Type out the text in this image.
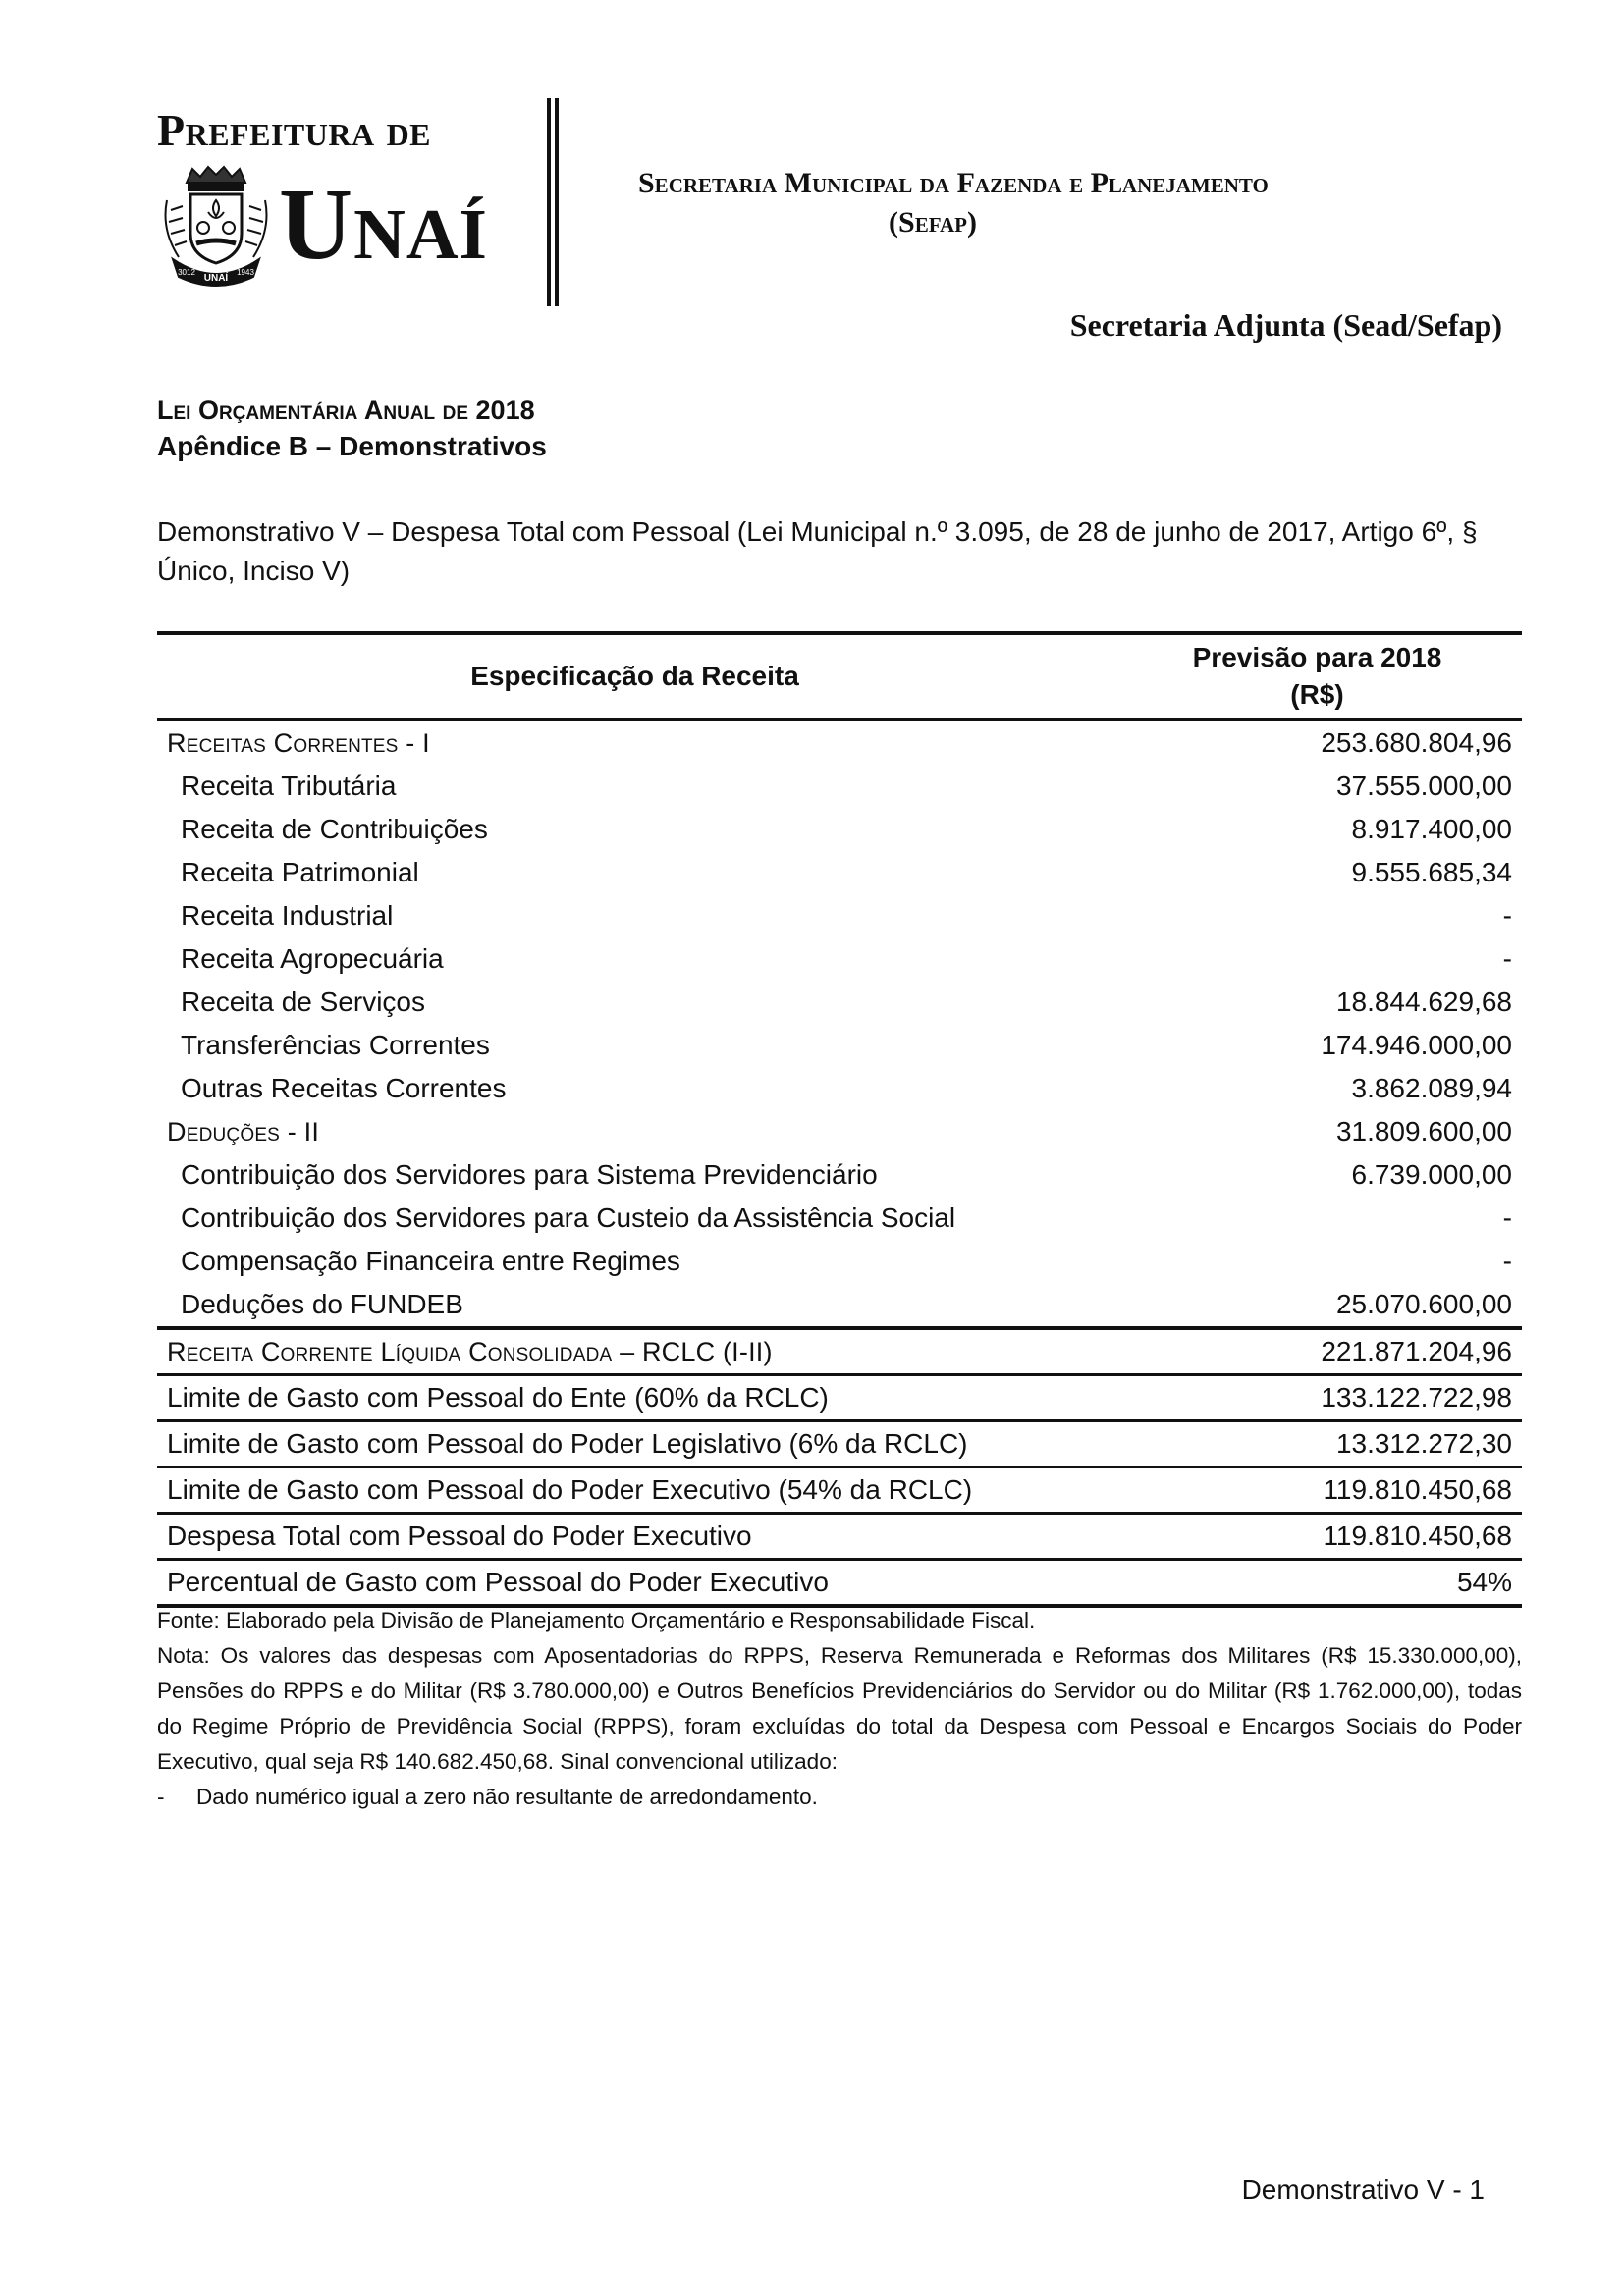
Prefeitura de
UNAÍ
3012	1943 Unaí	Secretaria Municipal da Fazenda e Planejamento
(Sefap)
Secretaria Adjunta (Sead/Sefap)
Lei Orçamentária Anual de 2018
Apêndice B – Demonstrativos
Demonstrativo V – Despesa Total com Pessoal (Lei Municipal n.º 3.095, de 28 de junho de 2017, Artigo 6º, § Único, Inciso V)
Especificação da Receita	Previsão para 2018
(R$)

Receitas Correntes - I	253.680.804,96
Receita Tributária	37.555.000,00
Receita de Contribuições	8.917.400,00
Receita Patrimonial	9.555.685,34
Receita Industrial	-
Receita Agropecuária	-
Receita de Serviços	18.844.629,68
Transferências Correntes	174.946.000,00
Outras Receitas Correntes	3.862.089,94
Deduções - II	31.809.600,00
Contribuição dos Servidores para Sistema Previdenciário	6.739.000,00
Contribuição dos Servidores para Custeio da Assistência Social	-
Compensação Financeira entre Regimes	-
Deduções do FUNDEB	25.070.600,00
Receita Corrente Líquida Consolidada – RCLC (I-II)	221.871.204,96
Limite de Gasto com Pessoal do Ente (60% da RCLC)	133.122.722,98
Limite de Gasto com Pessoal do Poder Legislativo (6% da RCLC)	13.312.272,30
Limite de Gasto com Pessoal do Poder Executivo (54% da RCLC)	119.810.450,68
Despesa Total com Pessoal do Poder Executivo	119.810.450,68
Percentual de Gasto com Pessoal do Poder Executivo	54%

Fonte: Elaborado pela Divisão de Planejamento Orçamentário e Responsabilidade Fiscal.

Nota: Os valores das despesas com Aposentadorias do RPPS, Reserva Remunerada e Reformas dos Militares (R$ 15.330.000,00), Pensões do RPPS e do Militar (R$ 3.780.000,00) e Outros Benefícios Previdenciários do Servidor ou do Militar (R$ 1.762.000,00), todas do Regime Próprio de Previdência Social (RPPS), foram excluídas do total da Despesa com Pessoal e Encargos Sociais do Poder Executivo, qual seja R$ 140.682.450,68. Sinal convencional utilizado:

-	Dado numérico igual a zero não resultante de arredondamento.
Demonstrativo V - 1
